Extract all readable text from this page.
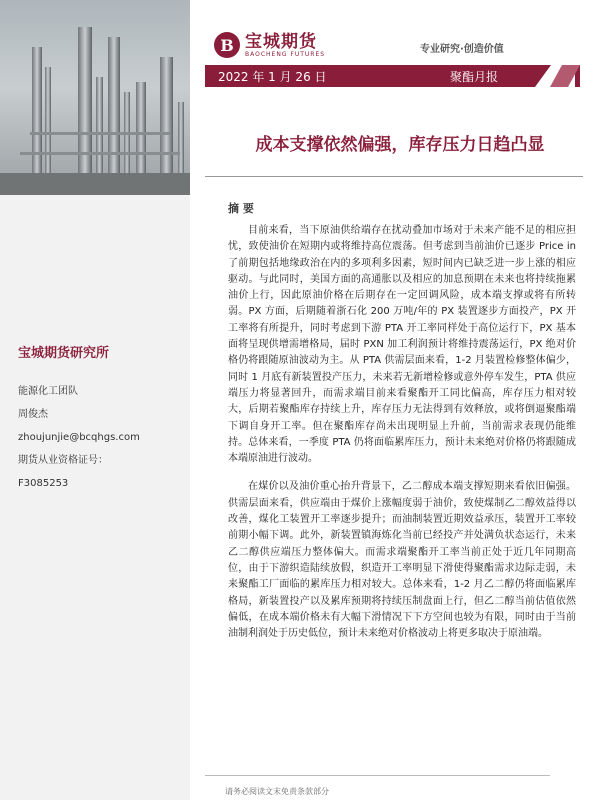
宝城期货研究所
能源化工团队
周俊杰
zhoujunjie@bcqhgs.com
期货从业资格证号：
F3085253
B 宝城期货
BAOCHENG FUTURES	专业研究·创造价值
2022 年 1 月 26 日	聚酯月报
成本支撑依然偏强，库存压力日趋凸显
摘 要

目前来看，当下原油供给端存在扰动叠加市场对于未来产能不足的相应担忧，致使油价在短期内或将维持高位震荡。但考虑到当前油价已逐步 Price in 了前期包括地缘政治在内的多项利多因素，短时间内已缺乏进一步上涨的相应驱动。与此同时，美国方面的高通胀以及相应的加息预期在未来也将持续拖累油价上行，因此原油价格在后期存在一定回调风险，成本端支撑或将有所转弱。PX 方面，后期随着浙石化 200 万吨/年的 PX 装置逐步方面投产，PX 开工率将有所提升，同时考虑到下游 PTA 开工率同样处于高位运行下，PX 基本面将呈现供增需增格局，届时 PXN 加工利润预计将维持震荡运行，PX 绝对价格仍将跟随原油波动为主。从 PTA 供需层面来看，1-2 月装置检修整体偏少，同时 1 月底有新装置投产压力，未来若无新增检修或意外停车发生，PTA 供应端压力将显著回升，而需求端目前来看聚酯开工同比偏高，库存压力相对较大，后期若聚酯库存持续上升，库存压力无法得到有效释放，或将倒逼聚酯端下调自身开工率。但在聚酯库存尚未出现明显上升前，当前需求表现仍能维持。总体来看，一季度 PTA 仍将面临累库压力，预计未来绝对价格仍将跟随成本端原油进行波动。

在煤价以及油价重心抬升背景下，乙二醇成本端支撑短期来看依旧偏强。供需层面来看，供应端由于煤价上涨幅度弱于油价，致使煤制乙二醇效益得以改善，煤化工装置开工率逐步提升；而油制装置近期效益承压，装置开工率较前期小幅下调。此外，新装置镇海炼化当前已经投产并处满负状态运行，未来乙二醇供应端压力整体偏大。而需求端聚酯开工率当前正处于近几年同期高位，由于下游织造陆续放假，织造开工率明显下滑使得聚酯需求边际走弱，未来聚酯工厂面临的累库压力相对较大。总体来看，1-2 月乙二醇仍将面临累库格局，新装置投产以及累库预期将持续压制盘面上行，但乙二醇当前估值依然偏低，在成本端价格未有大幅下滑情况下下方空间也较为有限，同时由于当前油制利润处于历史低位，预计未来绝对价格波动上将更多取决于原油端。

请务必阅读文末免责条款部分
